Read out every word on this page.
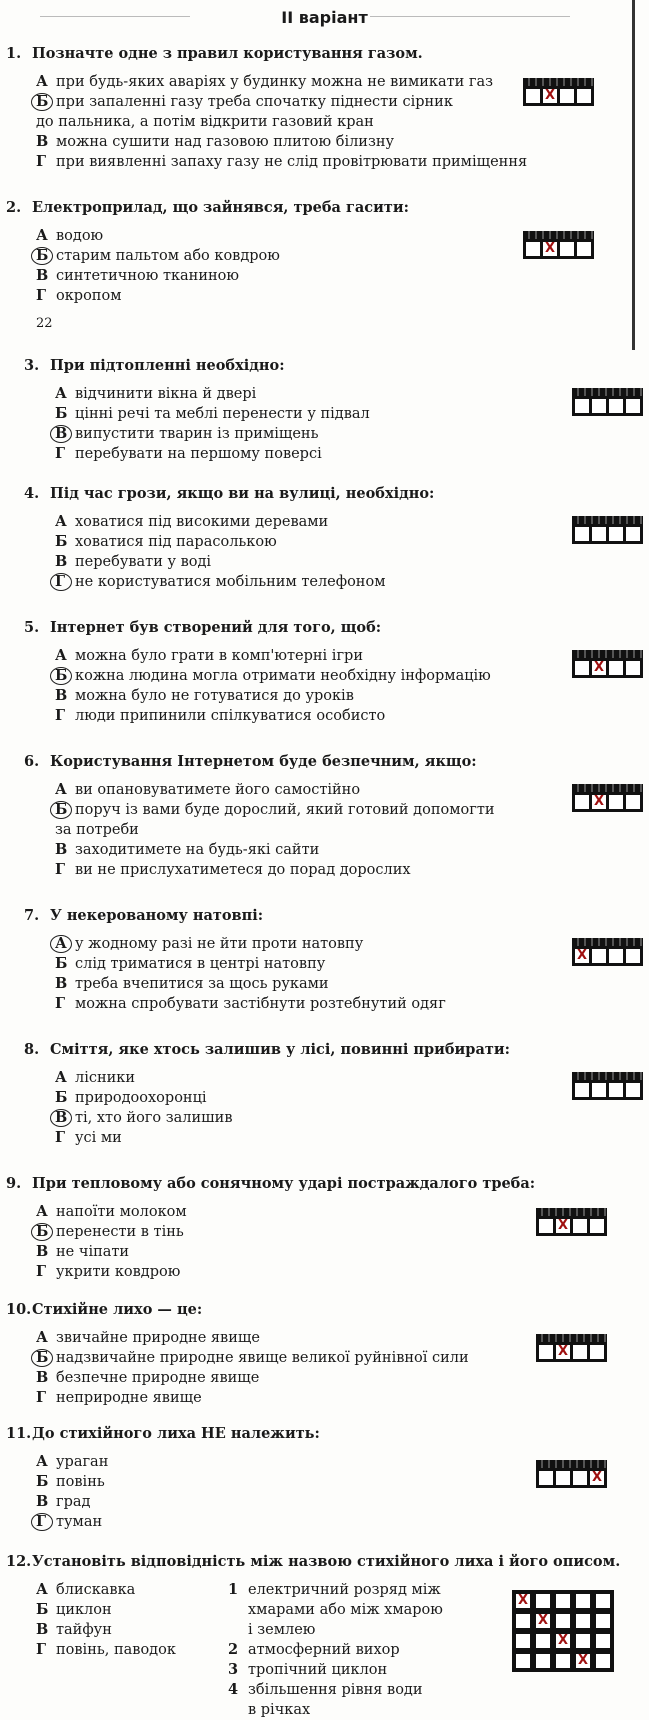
II варіант
22
1. Позначте одне з правил користування газом.
А при будь-яких аваріях у будинку можна не вимикати газ
Б при запаленні газу треба спочатку піднести сірник
до пальника, а потім відкрити газовий кран
В можна сушити над газовою плитою білизну
Г при виявленні запаху газу не слід провітрювати приміщення
X
2. Електроприлад, що зайнявся, треба гасити:
А водою
Б старим пальтом або ковдрою
В синтетичною тканиною
Г окропом
X
3. При підтопленні необхідно:
А відчинити вікна й двері
Б цінні речі та меблі перенести у підвал
В випустити тварин із приміщень
Г перебувати на першому поверсі
4. Під час грози, якщо ви на вулиці, необхідно:
А ховатися під високими деревами
Б ховатися під парасолькою
В перебувати у воді
Г не користуватися мобільним телефоном
5. Інтернет був створений для того, щоб:
А можна було грати в комп'ютерні ігри
Б кожна людина могла отримати необхідну інформацію
В можна було не готуватися до уроків
Г люди припинили спілкуватися особисто
X
6. Користування Інтернетом буде безпечним, якщо:
А ви опановуватимете його самостійно
Б поруч із вами буде дорослий, який готовий допомогти
за потреби
В заходитимете на будь-які сайти
Г ви не прислухатиметеся до порад дорослих
X
7. У некерованому натовпі:
А у жодному разі не йти проти натовпу
Б слід триматися в центрі натовпу
В треба вчепитися за щось руками
Г можна спробувати застібнути розтебнутий одяг
X
8. Сміття, яке хтось залишив у лісі, повинні прибирати:
А лісники
Б природоохоронці
В ті, хто його залишив
Г усі ми
9. При тепловому або сонячному ударі постраждалого треба:
А напоїти молоком
Б перенести в тінь
В не чіпати
Г укрити ковдрою
X
10.Стихійне лихо — це:
А звичайне природне явище
Б надзвичайне природне явище великої руйнівної сили
В безпечне природне явище
Г неприродне явище
X
11.До стихійного лиха НЕ належить:
А ураган
Б повінь
В град
Г туман
X
12.Установіть відповідність між назвою стихійного лиха і його описом.
А блискавка
Б циклон
В тайфун
Г повінь, паводок
1 електричний розряд між
хмарами або між хмарою
і землею
2 атмосферний вихор
3 тропічний циклон
4 збільшення рівня води
в річках
X
X
X
X
